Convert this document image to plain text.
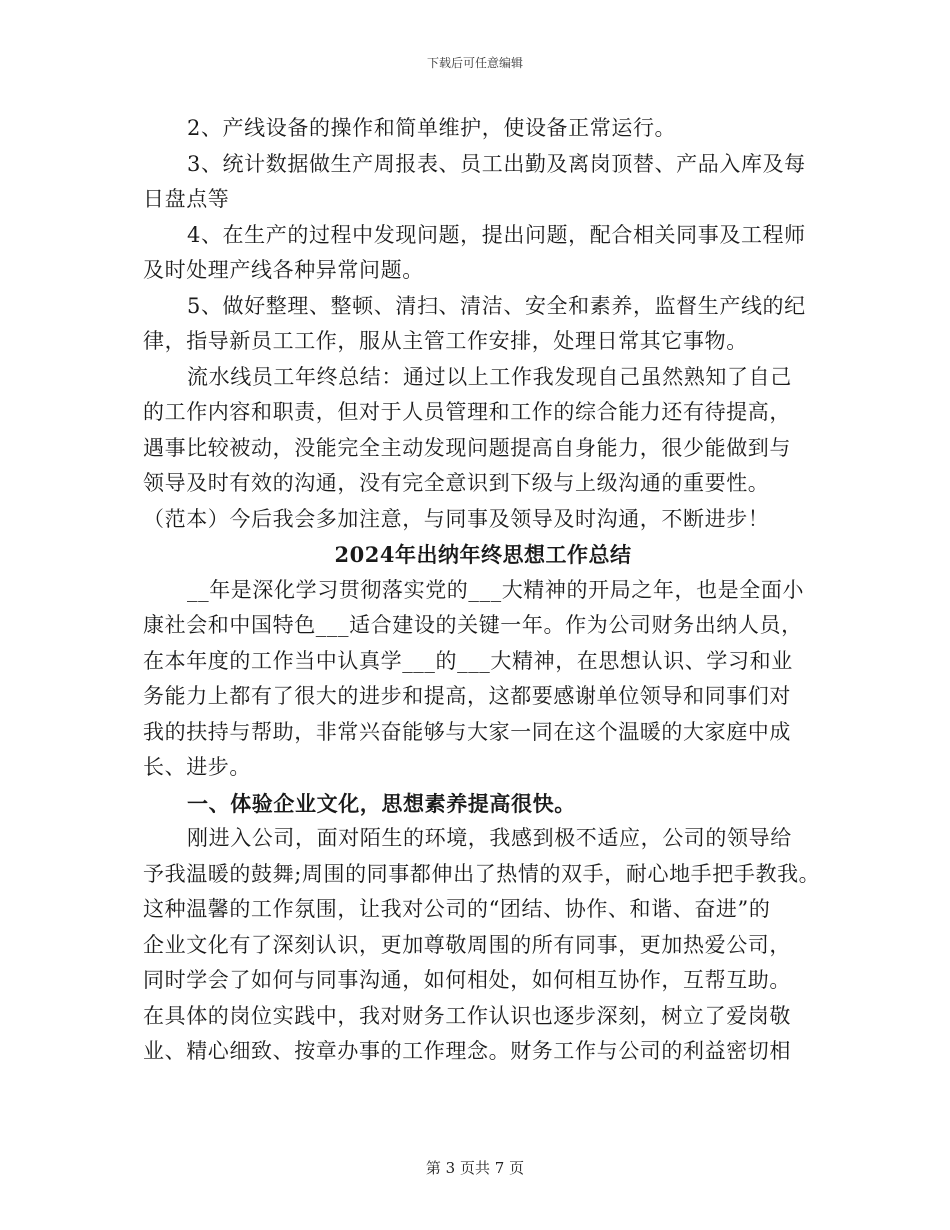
下载后可任意编辑
2、产线设备的操作和简单维护，使设备正常运行。
3、统计数据做生产周报表、员工出勤及离岗顶替、产品入库及每
日盘点等
4、在生产的过程中发现问题，提出问题，配合相关同事及工程师
及时处理产线各种异常问题。
5、做好整理、整顿、清扫、清洁、安全和素养，监督生产线的纪
律，指导新员工工作，服从主管工作安排，处理日常其它事物。
流水线员工年终总结：通过以上工作我发现自己虽然熟知了自己
的工作内容和职责，但对于人员管理和工作的综合能力还有待提高，
遇事比较被动，没能完全主动发现问题提高自身能力，很少能做到与
领导及时有效的沟通，没有完全意识到下级与上级沟通的重要性。
（范本）今后我会多加注意，与同事及领导及时沟通，不断进步！
2024年出纳年终思想工作总结
__年是深化学习贯彻落实党的___大精神的开局之年，也是全面小
康社会和中国特色___适合建设的关键一年。作为公司财务出纳人员，
在本年度的工作当中认真学___的___大精神，在思想认识、学习和业
务能力上都有了很大的进步和提高，这都要感谢单位领导和同事们对
我的扶持与帮助，非常兴奋能够与大家一同在这个温暖的大家庭中成
长、进步。
一、体验企业文化，思想素养提高很快。
刚进入公司，面对陌生的环境，我感到极不适应，公司的领导给
予我温暖的鼓舞;周围的同事都伸出了热情的双手，耐心地手把手教我。
这种温馨的工作氛围，让我对公司的“团结、协作、和谐、奋进”的
企业文化有了深刻认识，更加尊敬周围的所有同事，更加热爱公司，
同时学会了如何与同事沟通，如何相处，如何相互协作，互帮互助。
在具体的岗位实践中，我对财务工作认识也逐步深刻，树立了爱岗敬
业、精心细致、按章办事的工作理念。财务工作与公司的利益密切相
第 3 页共 7 页
